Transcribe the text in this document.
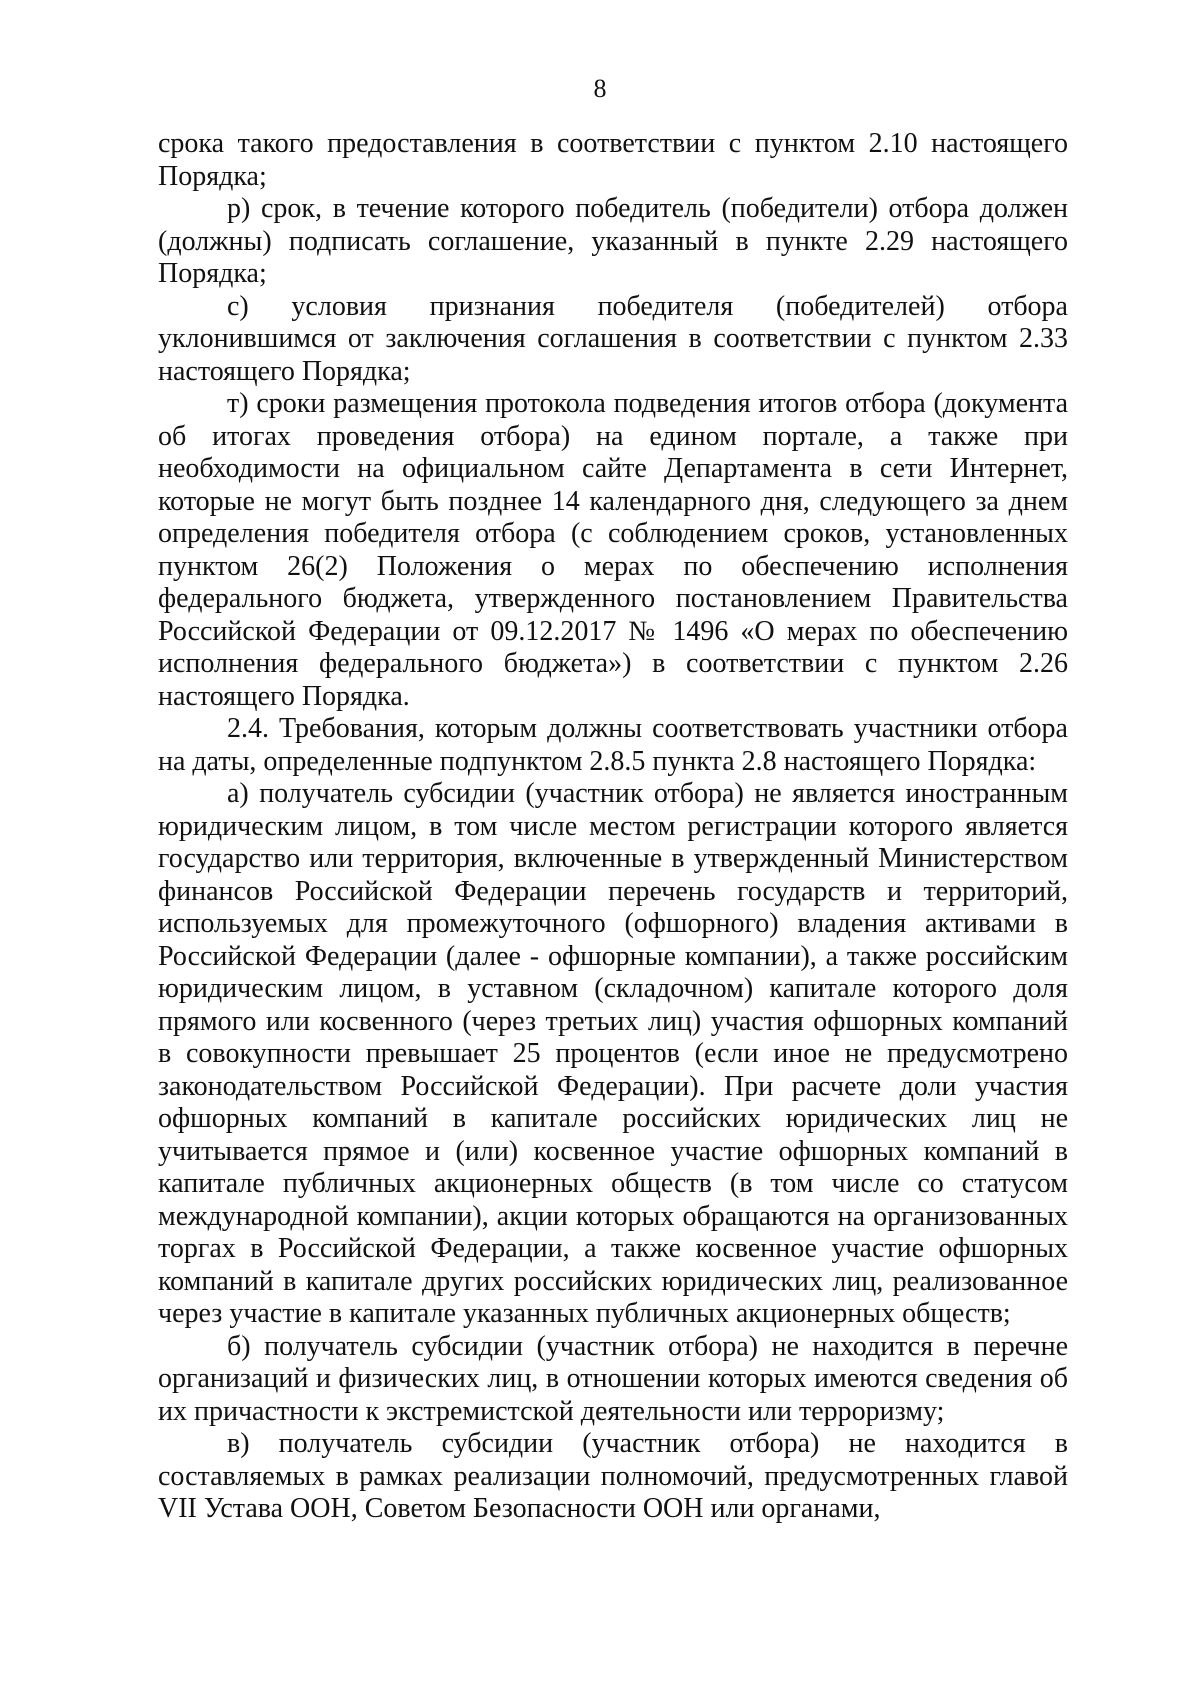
8

срока такого предоставления в соответствии с пунктом 2.10 настоящего Порядка;

р) срок, в течение которого победитель (победители) отбора должен (должны) подписать соглашение, указанный в пункте 2.29 настоящего Порядка;

с) условия признания победителя (победителей) отбора уклонившимся от заключения соглашения в соответствии с пунктом 2.33 настоящего Порядка;

т) сроки размещения протокола подведения итогов отбора (документа об итогах проведения отбора) на едином портале, а также при необходимости на официальном сайте Департамента в сети Интернет, которые не могут быть позднее 14 календарного дня, следующего за днем определения победителя отбора (с соблюдением сроков, установленных пунктом 26(2) Положения о мерах по обеспечению исполнения федерального бюджета, утвержденного постановлением Правительства Российской Федерации от 09.12.2017 № 1496 «О мерах по обеспечению исполнения федерального бюджета») в соответствии с пунктом 2.26 настоящего Порядка.

2.4. Требования, которым должны соответствовать участники отбора на даты, определенные подпунктом 2.8.5 пункта 2.8 настоящего Порядка:

а) получатель субсидии (участник отбора) не является иностранным юридическим лицом, в том числе местом регистрации которого является государство или территория, включенные в утвержденный Министерством финансов Российской Федерации перечень государств и территорий, используемых для промежуточного (офшорного) владения активами в Российской Федерации (далее - офшорные компании), а также российским юридическим лицом, в уставном (складочном) капитале которого доля прямого или косвенного (через третьих лиц) участия офшорных компаний в совокупности превышает 25 процентов (если иное не предусмотрено законодательством Российской Федерации). При расчете доли участия офшорных компаний в капитале российских юридических лиц не учитывается прямое и (или) косвенное участие офшорных компаний в капитале публичных акционерных обществ (в том числе со статусом международной компании), акции которых обращаются на организованных торгах в Российской Федерации, а также косвенное участие офшорных компаний в капитале других российских юридических лиц, реализованное через участие в капитале указанных публичных акционерных обществ;

б) получатель субсидии (участник отбора) не находится в перечне организаций и физических лиц, в отношении которых имеются сведения об их причастности к экстремистской деятельности или терроризму;

в) получатель субсидии (участник отбора) не находится в составляемых в рамках реализации полномочий, предусмотренных главой VII Устава ООН, Советом Безопасности ООН или органами,
